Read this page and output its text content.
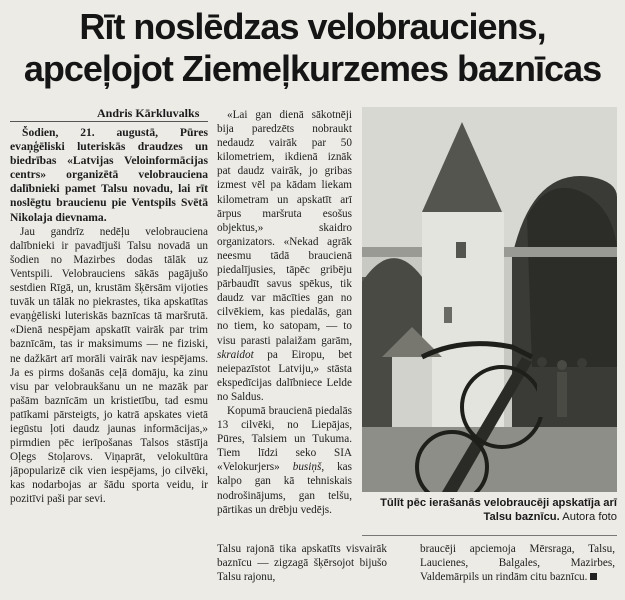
Rīt noslēdzas velobrauciens,
apceļojot Ziemeļkurzemes baznīcas
Andris Kārkluvalks

Šodien, 21. augustā, Pūres evaņģēliski luteriskās draudzes un biedrības «Latvijas Veloinformācijas centrs» organizētā velobrauciena dalībnieki pamet Talsu novadu, lai rīt noslēgtu braucienu pie Ventspils Svētā Nikolaja dievnama.

Jau gandrīz nedēļu velobrauciena dalībnieki ir pavadījuši Talsu novadā un šodien no Mazirbes dodas tālāk uz Ventspili. Velobrauciens sākās pagājušo sestdien Rīgā, un, krustām šķērsām vijoties tuvāk un tālāk no piekrastes, tika apskatītas evaņģēliski luteriskās baznīcas tā maršrutā. «Dienā nespējam apskatīt vairāk par trim baznīcām, tas ir maksimums — ne fiziski, ne dažkārt arī morāli vairāk nav iespējams. Ja es pirms došanās ceļā domāju, ka zinu visu par velobraukšanu un ne mazāk par pašām baznīcām un kristietību, tad esmu patīkami pārsteigts, jo katrā apskates vietā iegūstu ļoti daudz jaunas informācijas,» pirmdien pēc ierīpošanas Talsos stāstīja Oļegs Stoļarovs. Viņaprāt, velokultūra jāpopularizē cik vien iespējams, jo cilvēki, kas nodarbojas ar šādu sporta veidu, ir pozitīvi paši par sevi.

«Lai gan dienā sākotnēji bija paredzēts nobraukt nedaudz vairāk par 50 kilometriem, ikdienā iznāk pat daudz vairāk, jo gribas izmest vēl pa kādam liekam kilometram un apskatīt arī ārpus maršruta esošus objektus,» skaidro organizators. «Nekad agrāk neesmu tādā braucienā piedalījusies, tāpēc gribēju pārbaudīt savus spēkus, tik daudz var mācīties gan no cilvēkiem, kas piedalās, gan no tiem, ko satopam, — to visu parasti palaižam garām, skraidot pa Eiropu, bet neiepazīstot Latviju,» stāsta ekspedīcijas dalībniece Lelde no Saldus.

Kopumā braucienā piedalās 13 cilvēki, no Liepājas, Pūres, Talsiem un Tukuma. Tiem līdzi seko SIA «Velokurjers» busiņš, kas kalpo gan kā tehniskais nodrošinājums, gan telšu, pārtikas un drēbju vedējs.

Talsu rajonā tika apskatīts visvairāk baznīcu — zigzagā šķērsojot bijušo Talsu rajonu,

braucēji apciemoja Mērsraga, Talsu, Laucienes, Balgales, Mazirbes, Valdemārpils un rindām citu baznīcu.

Tūlīt pēc ierašanās velobraucēji apskatīja arī Talsu baznīcu. Autora foto
